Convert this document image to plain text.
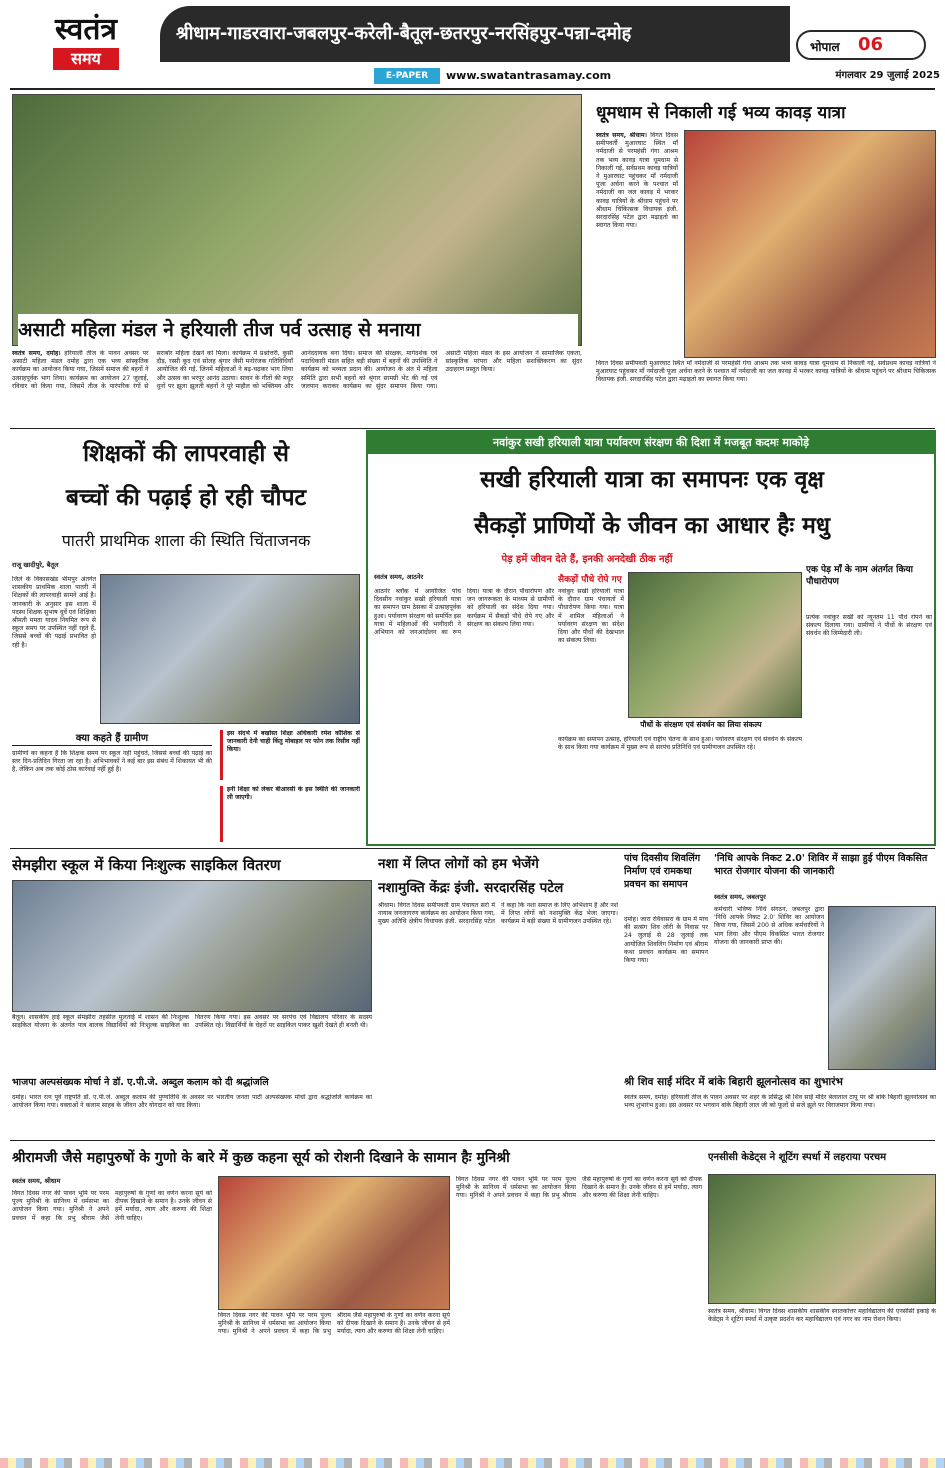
स्वतंत्र
समय
श्रीधाम-गाडरवारा-जबलपुर-करेली-बैतूल-छतरपुर-नरसिंहपुर-पन्ना-दमोह
भोपाल 06
E-PAPER	www.swatantrasamay.com	मंगलवार 29 जुलाई 2025
असाटी महिला मंडल ने हरियाली तीज पर्व उत्साह से मनाया
स्वतंत्र समय, दमोह। हरियाली तीज के पावन अवसर पर असाटी महिला मंडल दमोह द्वारा एक भव्य सांस्कृतिक कार्यक्रम का आयोजन किया गया, जिसमें समाज की बहनों ने उत्साहपूर्वक भाग लिया। कार्यक्रम का आयोजन 27 जुलाई, रविवार को किया गया, जिसमें तीज के पारंपरिक रंगों से सराबोर महिला देखने को मिला। कार्यक्रम में प्रश्नोत्तरी, कुर्सी दौड़, रस्सी कूद एवं सोलह श्रृंगार जैसी मनोरंजक गतिविधियाँ आयोजित की गईं, जिनमें महिलाओं ने बढ़-चढ़कर भाग लिया और उत्सव का भरपूर आनंद उठाया। सावन के गीतों की मधुर धुनों पर झूला झूलती बहनों ने पूरे माहौल को भक्तिमय और आनंददायक बना दिया। समाज की संरक्षक, मार्गदर्शक एवं पदाधिकारी मंडल सहित बड़ी संख्या में बहनों की उपस्थिति ने कार्यक्रम को भव्यता प्रदान की। आयोजन के अंत में महिला समिति द्वारा सभी बहनों को श्रृंगार सामग्री भेंट की गई एवं जलपान कराकर कार्यक्रम का सुंदर समापन किया गया। असाटी महिला मंडल के इस आयोजन ने सामाजिक एकता, सांस्कृतिक परंपरा और महिला सशक्तिकरण का सुंदर उदाहरण प्रस्तुत किया।
धूमधाम से निकाली गई भव्य कावड़ यात्रा
स्वतंत्र समय, श्रीधाम। विगत दिवस समीपवर्ती मुआरघाट स्थित माँ नर्मदाजी से परमहंसी गंगा आश्रम तक भव्य कावड़ यात्रा धूमधाम से निकाली गई, सर्वप्रथम कावड़ यात्रियों ने मुआरघाट पहुंचकर माँ नर्मदाजी पूजा अर्चना करने के पश्चात माँ नर्मदाजी का जल कावड़ में भरकर कावड़ यात्रियों के श्रीधाम पहुंचने पर श्रीधाम चिकित्सक विधायक इंजी. सरदारसिंह पटेल द्वारा मढ़ाइतो का स्वागत किया गया।
विगत दिवस समीपवर्ती मुआरघाट स्थित माँ नर्मदाजी से परमहंसी गंगा आश्रम तक भव्य कावड़ यात्रा धूमधाम से निकाली गई, सर्वप्रथम कावड़ यात्रियों ने मुआरघाट पहुंचकर माँ नर्मदाजी पूजा अर्चना करने के पश्चात माँ नर्मदाजी का जल कावड़ में भरकर कावड़ यात्रियों के श्रीधाम पहुंचने पर श्रीधाम चिकित्सक विधायक इंजी. सरदारसिंह पटेल द्वारा मढ़ाइतो का स्वागत किया गया।
शिक्षकों की लापरवाही से
बच्चों की पढ़ाई हो रही चौपट
पातरी प्राथमिक शाला की स्थिति चिंताजनक
राजू खादीपुरे, बैतूल
जिले के विकासखंड भीमपुर अंतर्गत शासकीय प्राथमिक शाला पातरी में शिक्षकों की लापरवाही सामने आई है। जानकारी के अनुसार इस शाला में पदस्थ शिक्षक सुभाष धुर्वे एवं शिक्षिका श्रीमती ममता यादव नियमित रूप से स्कूल समय पर उपस्थित नहीं रहते हैं, जिससे बच्चों की पढ़ाई प्रभावित हो रही है।
क्या कहते हैं ग्रामीण
ग्रामीणों का कहना है कि शिक्षक समय पर स्कूल नहीं पहुंचते, जिससे बच्चों की पढ़ाई का स्तर दिन-प्रतिदिन गिरता जा रहा है। अभिभावकों ने कई बार इस संबंध में शिकायत भी की है, लेकिन अब तक कोई ठोस कार्रवाई नहीं हुई है।
इस संदर्भ में बर्खास्त शिक्षा अधिकारी रमेश कौशिक से जानकारी देनी चाही किंतु मोबाइल पर फोन तक रिसीव नहीं किया।
इनी शिक्षा को लेकर बीआरसी के इस स्थिति की जानकारी ली जाएगी।
नवांकुर सखी हरियाली यात्रा पर्यावरण संरक्षण की दिशा में मजबूत कदमः माकोड़े
सखी हरियाली यात्रा का समापनः एक वृक्ष
सैकड़ों प्राणियों के जीवन का आधार हैः मधु
पेड़ हमें जीवन देते हैं, इनकी अनदेखी ठीक नहीं
स्वतंत्र समय, आठनेर
आठनेर ब्लॉक में आयोजित पांच दिवसीय नवांकुर सखी हरियाली यात्रा का समापन ग्राम ठेसका में उत्साहपूर्वक हुआ। पर्यावरण संरक्षण को समर्पित इस यात्रा में महिलाओं की भागीदारी ने अभियान को जनआंदोलन का रूप दिया। यात्रा के दौरान पौधारोपण और जन जागरूकता के माध्यम से ग्रामीणों को हरियाली का संदेश दिया गया। कार्यक्रम में सैकड़ों पौधे रोपे गए और संरक्षण का संकल्प लिया गया।
सैकड़ों पौधे रोपे गए
नवांकुर सखी हरियाली यात्रा के दौरान ग्राम पंचायतों में पौधारोपण किया गया। यात्रा में शामिल महिलाओं ने पर्यावरण संरक्षण का संदेश दिया और पौधों की देखभाल का संकल्प लिया।
पौधों के संरक्षण एवं संवर्धन का लिया संकल्प
कार्यक्रम का समापन उत्साह, हरियाली एवं राष्ट्रीय चेतना के साथ हुआ। पर्यावरण संरक्षण एवं संवर्धन के संकल्प के साथ किया गया कार्यक्रम में मुख्य रूप से सरपंच प्रतिनिधि एवं ग्रामीणजन उपस्थित रहे।
एक पेड़ माँ के नाम अंतर्गत किया पौधारोपण
प्रत्येक नवांकुर सखी को न्यूनतम 11 पौधे रोपने का संकल्प दिलाया गया। ग्रामीणों ने पौधों के संरक्षण एवं संवर्धन की जिम्मेदारी ली।
सेमझीरा स्कूल में किया निःशुल्क साइकिल वितरण
बैतूल। शासकीय हाई स्कूल सेमझीरा तहसील मुलताई में शासन की निःशुल्क साइकिल योजना के अंतर्गत पात्र बालक विद्यार्थियों को निःशुल्क साइकिल का वितरण किया गया। इस अवसर पर सरपंच एवं विद्यालय परिवार के सदस्य उपस्थित रहे। विद्यार्थियों के चेहरों पर साइकिल पाकर खुशी देखते ही बनती थी।
भाजपा अल्पसंख्यक मोर्चा ने डॉ. ए.पी.जे. अब्दुल कलाम को दी श्रद्धांजलि
दमोह। भारत रत्न पूर्व राष्ट्रपति डॉ. ए.पी.जे. अब्दुल कलाम की पुण्यतिथि के अवसर पर भारतीय जनता पार्टी अल्पसंख्यक मोर्चा द्वारा श्रद्धांजलि कार्यक्रम का आयोजन किया गया। वक्ताओं ने कलाम साहब के जीवन और योगदान को याद किया।
नशा में लिप्त लोगों को हम भेजेंगे
नशामुक्ति केंद्रः इंजी. सरदारसिंह पटेल
श्रीधाम। विगत दिवस समीपवर्ती ग्राम पंचायत सर्रा में नायाब जनजागरण कार्यक्रम का आयोजन किया गया, मुख्य अतिथि क्षेत्रीय विधायक इंजी. सरदारसिंह पटेल ने कहा कि नशा समाज के लिए अभिशाप है और नशे में लिप्त लोगों को नशामुक्ति केंद्र भेजा जाएगा। कार्यक्रम में बड़ी संख्या में ग्रामीणजन उपस्थित रहे।
पांच दिवसीय शिवलिंग निर्माण एवं रामकथा प्रवचन का समापन
दमोह। जारा रविवासरा के ग्राम में माघ की सत्संग शिव लोरी के निवास पर 24 जुलाई से 28 जुलाई तक आयोजित शिवलिंग निर्माण एवं श्रीराम कथा प्रवचन कार्यक्रम का समापन किया गया।
'निधि आपके निकट 2.0' शिविर में साझा हुई पीएम विकसित भारत रोजगार योजना की जानकारी
स्वतंत्र समय, जबलपुर
कर्मचारी भविष्य निधि संगठन, जबलपुर द्वारा 'निधि आपके निकट 2.0' शिविर का आयोजन किया गया, जिसमें 200 से अधिक कर्मचारियों ने भाग लिया और पीएम विकसित भारत रोजगार योजना की जानकारी प्राप्त की।
श्री शिव साईं मंदिर में बांके बिहारी झूलनोत्सव का शुभारंभ
स्वतंत्र समय, दमोह। हरियाली तीज के पावन अवसर पर शहर के प्रसिद्ध श्री शिव साईं मंदिर बेलाताल टापू पर श्री बांके बिहारी झूलनोत्सव का भव्य शुभारंभ हुआ। इस अवसर पर भगवान बांके बिहारी लाल जी को फूलों से सजे झूले पर विराजमान किया गया।
श्रीरामजी जैसे महापुरुषों के गुणो के बारे में कुछ कहना सूर्य को रोशनी दिखाने के सामान हैः मुनिश्री
स्वतंत्र समय, श्रीधाम
विगत दिवस नगर की पावन भूमि पर परम पूज्य मुनिश्री के सानिध्य में धर्मसभा का आयोजन किया गया। मुनिश्री ने अपने प्रवचन में कहा कि प्रभु श्रीराम जैसे महापुरुषों के गुणों का वर्णन करना सूर्य को दीपक दिखाने के समान है। उनके जीवन से हमें मर्यादा, त्याग और करुणा की शिक्षा लेनी चाहिए।
विगत दिवस नगर की पावन भूमि पर परम पूज्य मुनिश्री के सानिध्य में धर्मसभा का आयोजन किया गया। मुनिश्री ने अपने प्रवचन में कहा कि प्रभु श्रीराम जैसे महापुरुषों के गुणों का वर्णन करना सूर्य को दीपक दिखाने के समान है। उनके जीवन से हमें मर्यादा, त्याग और करुणा की शिक्षा लेनी चाहिए।
विगत दिवस नगर की पावन भूमि पर परम पूज्य मुनिश्री के सानिध्य में धर्मसभा का आयोजन किया गया। मुनिश्री ने अपने प्रवचन में कहा कि प्रभु श्रीराम जैसे महापुरुषों के गुणों का वर्णन करना सूर्य को दीपक दिखाने के समान है। उनके जीवन से हमें मर्यादा, त्याग और करुणा की शिक्षा लेनी चाहिए।
एनसीसी केडेट्स ने शूटिंग स्पर्धा में लहराया परचम
स्वतंत्र समय, श्रीधाम। विगत दिवस शासकीय शासकीय स्नातकोत्तर महाविद्यालय की एनसीसी इकाई के केडेट्स ने शूटिंग स्पर्धा में उत्कृष्ट प्रदर्शन कर महाविद्यालय एवं नगर का नाम रोशन किया।
